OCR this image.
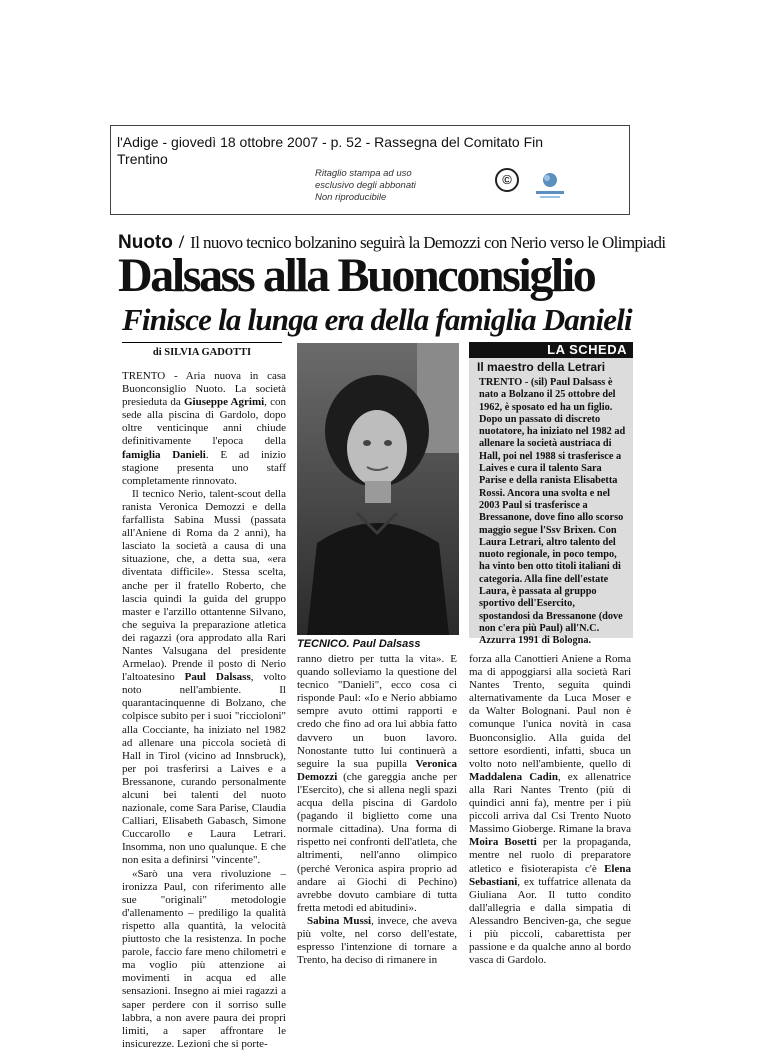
l'Adige - giovedì 18 ottobre 2007 - p. 52 - Rassegna del Comitato Fin
Trentino
Ritaglio stampa ad uso
esclusivo degli abbonati
Non riproducibile
©
Nuoto / Il nuovo tecnico bolzanino seguirà la Demozzi con Nerio verso le Olimpiadi
Dalsass alla Buonconsiglio
Finisce la lunga era della famiglia Danieli
di SILVIA GADOTTI

TRENTO - Aria nuova in casa Buonconsiglio Nuoto. La società presieduta da Giuseppe Agrimi, con sede alla piscina di Gardolo, dopo oltre venticinque anni chiude definitivamente l'epoca della famiglia Danieli. E ad inizio stagione presenta uno staff completamente rinnovato.

Il tecnico Nerio, talent-scout della ranista Veronica Demozzi e della farfallista Sabina Mussi (passata all'Aniene di Roma da 2 anni), ha lasciato la società a causa di una situazione, che, a detta sua, «era diventata difficile». Stessa scelta, anche per il fratello Roberto, che lascia quindi la guida del gruppo master e l'arzillo ottantenne Silvano, che seguiva la preparazione atletica dei ragazzi (ora approdato alla Rari Nantes Valsugana del presidente Armelao). Prende il posto di Nerio l'altoatesino Paul Dalsass, volto noto nell'ambiente. Il quarantacinquenne di Bolzano, che colpisce subito per i suoi "riccioloni" alla Cocciante, ha iniziato nel 1982 ad allenare una piccola società di Hall in Tirol (vicino ad Innsbruck), per poi trasferirsi a Laives e a Bressanone, curando personalmente alcuni bei talenti del nuoto nazionale, come Sara Parise, Claudia Calliari, Elisabeth Gabasch, Simone Cuccarollo e Laura Letrari. Insomma, non uno qualunque. E che non esita a definirsi "vincente".

«Sarò una vera rivoluzione – ironizza Paul, con riferimento alle sue "originali" metodologie d'allenamento – prediligo la qualità rispetto alla quantità, la velocità piuttosto che la resistenza. In poche parole, faccio fare meno chilometri e ma voglio più attenzione ai movimenti in acqua ed alle sensazioni. Insegno ai miei ragazzi a saper perdere con il sorriso sulle labbra, a non avere paura dei propri limiti, a saper affrontare le insicurezze. Lezioni che si porte-

TECNICO. Paul Dalsass
LA SCHEDA
Il maestro della Letrari
TRENTO - (sil) Paul Dalsass è nato a Bolzano il 25 ottobre del 1962, è sposato ed ha un figlio. Dopo un passato di discreto nuotatore, ha iniziato nel 1982 ad allenare la società austriaca di Hall, poi nel 1988 si trasferisce a Laives e cura il talento Sara Parise e della ranista Elisabetta Rossi. Ancora una svolta e nel 2003 Paul si trasferisce a Bressanone, dove fino allo scorso maggio segue l'Ssv Brixen. Con Laura Letrari, altro talento del nuoto regionale, in poco tempo, ha vinto ben otto titoli italiani di categoria. Alla fine dell'estate Laura, è passata al gruppo sportivo dell'Esercito, spostandosi da Bressanone (dove non c'era più Paul) all'N.C. Azzurra 1991 di Bologna.

ranno dietro per tutta la vita». E quando solleviamo la questione del tecnico "Danieli", ecco cosa ci risponde Paul: «Io e Nerio abbiamo sempre avuto ottimi rapporti e credo che fino ad ora lui abbia fatto davvero un buon lavoro. Nonostante tutto lui continuerà a seguire la sua pupilla Veronica Demozzi (che gareggia anche per l'Esercito), che si allena negli spazi acqua della piscina di Gardolo (pagando il biglietto come una normale cittadina). Una forma di rispetto nei confronti dell'atleta, che altrimenti, nell'anno olimpico (perché Veronica aspira proprio ad andare ai Giochi di Pechino) avrebbe dovuto cambiare di tutta fretta metodi ed abitudini».

Sabina Mussi, invece, che aveva più volte, nel corso dell'estate, espresso l'intenzione di tornare a Trento, ha deciso di rimanere in

forza alla Canottieri Aniene a Roma ma di appoggiarsi alla società Rari Nantes Trento, seguita quindi alternativamente da Luca Moser e da Walter Bolognani. Paul non è comunque l'unica novità in casa Buonconsiglio. Alla guida del settore esordienti, infatti, sbuca un volto noto nell'ambiente, quello di Maddalena Cadin, ex allenatrice alla Rari Nantes Trento (più di quindici anni fa), mentre per i più piccoli arriva dal Csi Trento Nuoto Massimo Gioberge. Rimane la brava Moira Bosetti per la propaganda, mentre nel ruolo di preparatore atletico e fisioterapista c'è Elena Sebastiani, ex tuffatrice allenata da Giuliana Aor. Il tutto condito dall'allegria e dalla simpatia di Alessandro Benciven-ga, che segue i più piccoli, cabarettista per passione e da qualche anno al bordo vasca di Gardolo.
